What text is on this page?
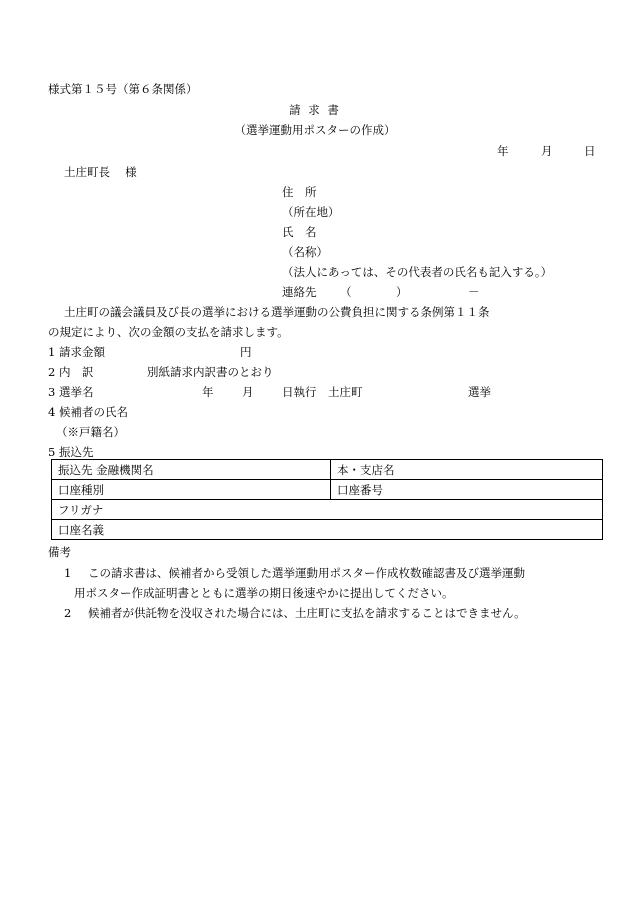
様式第１５号（第６条関係）
請 求 書
（選挙運動用ポスターの作成）
年	月	日
土庄町長　 様
住　所
（所在地）
氏　名
（名称）
（法人にあっては、その代表者の氏名も記入する。）
連絡先 （	）	－
土庄町の議会議員及び長の選挙における選挙運動の公費負担に関する条例第１１条
の規定により、次の金額の支払を請求します。
1 請求金額	円
2 内　訳	別紙請求内訳書のとおり
3 選挙名	年 月 日執行　土庄町	選挙
4 候補者の氏名
（※戸籍名）
5 振込先
振込先 金融機関名	本・支店名
口座種別	口座番号
フリガナ	
口座名義	
備考
1 この請求書は、候補者から受領した選挙運動用ポスター作成枚数確認書及び選挙運動
用ポスター作成証明書とともに選挙の期日後速やかに提出してください。
2 候補者が供託物を没収された場合には、土庄町に支払を請求することはできません。
